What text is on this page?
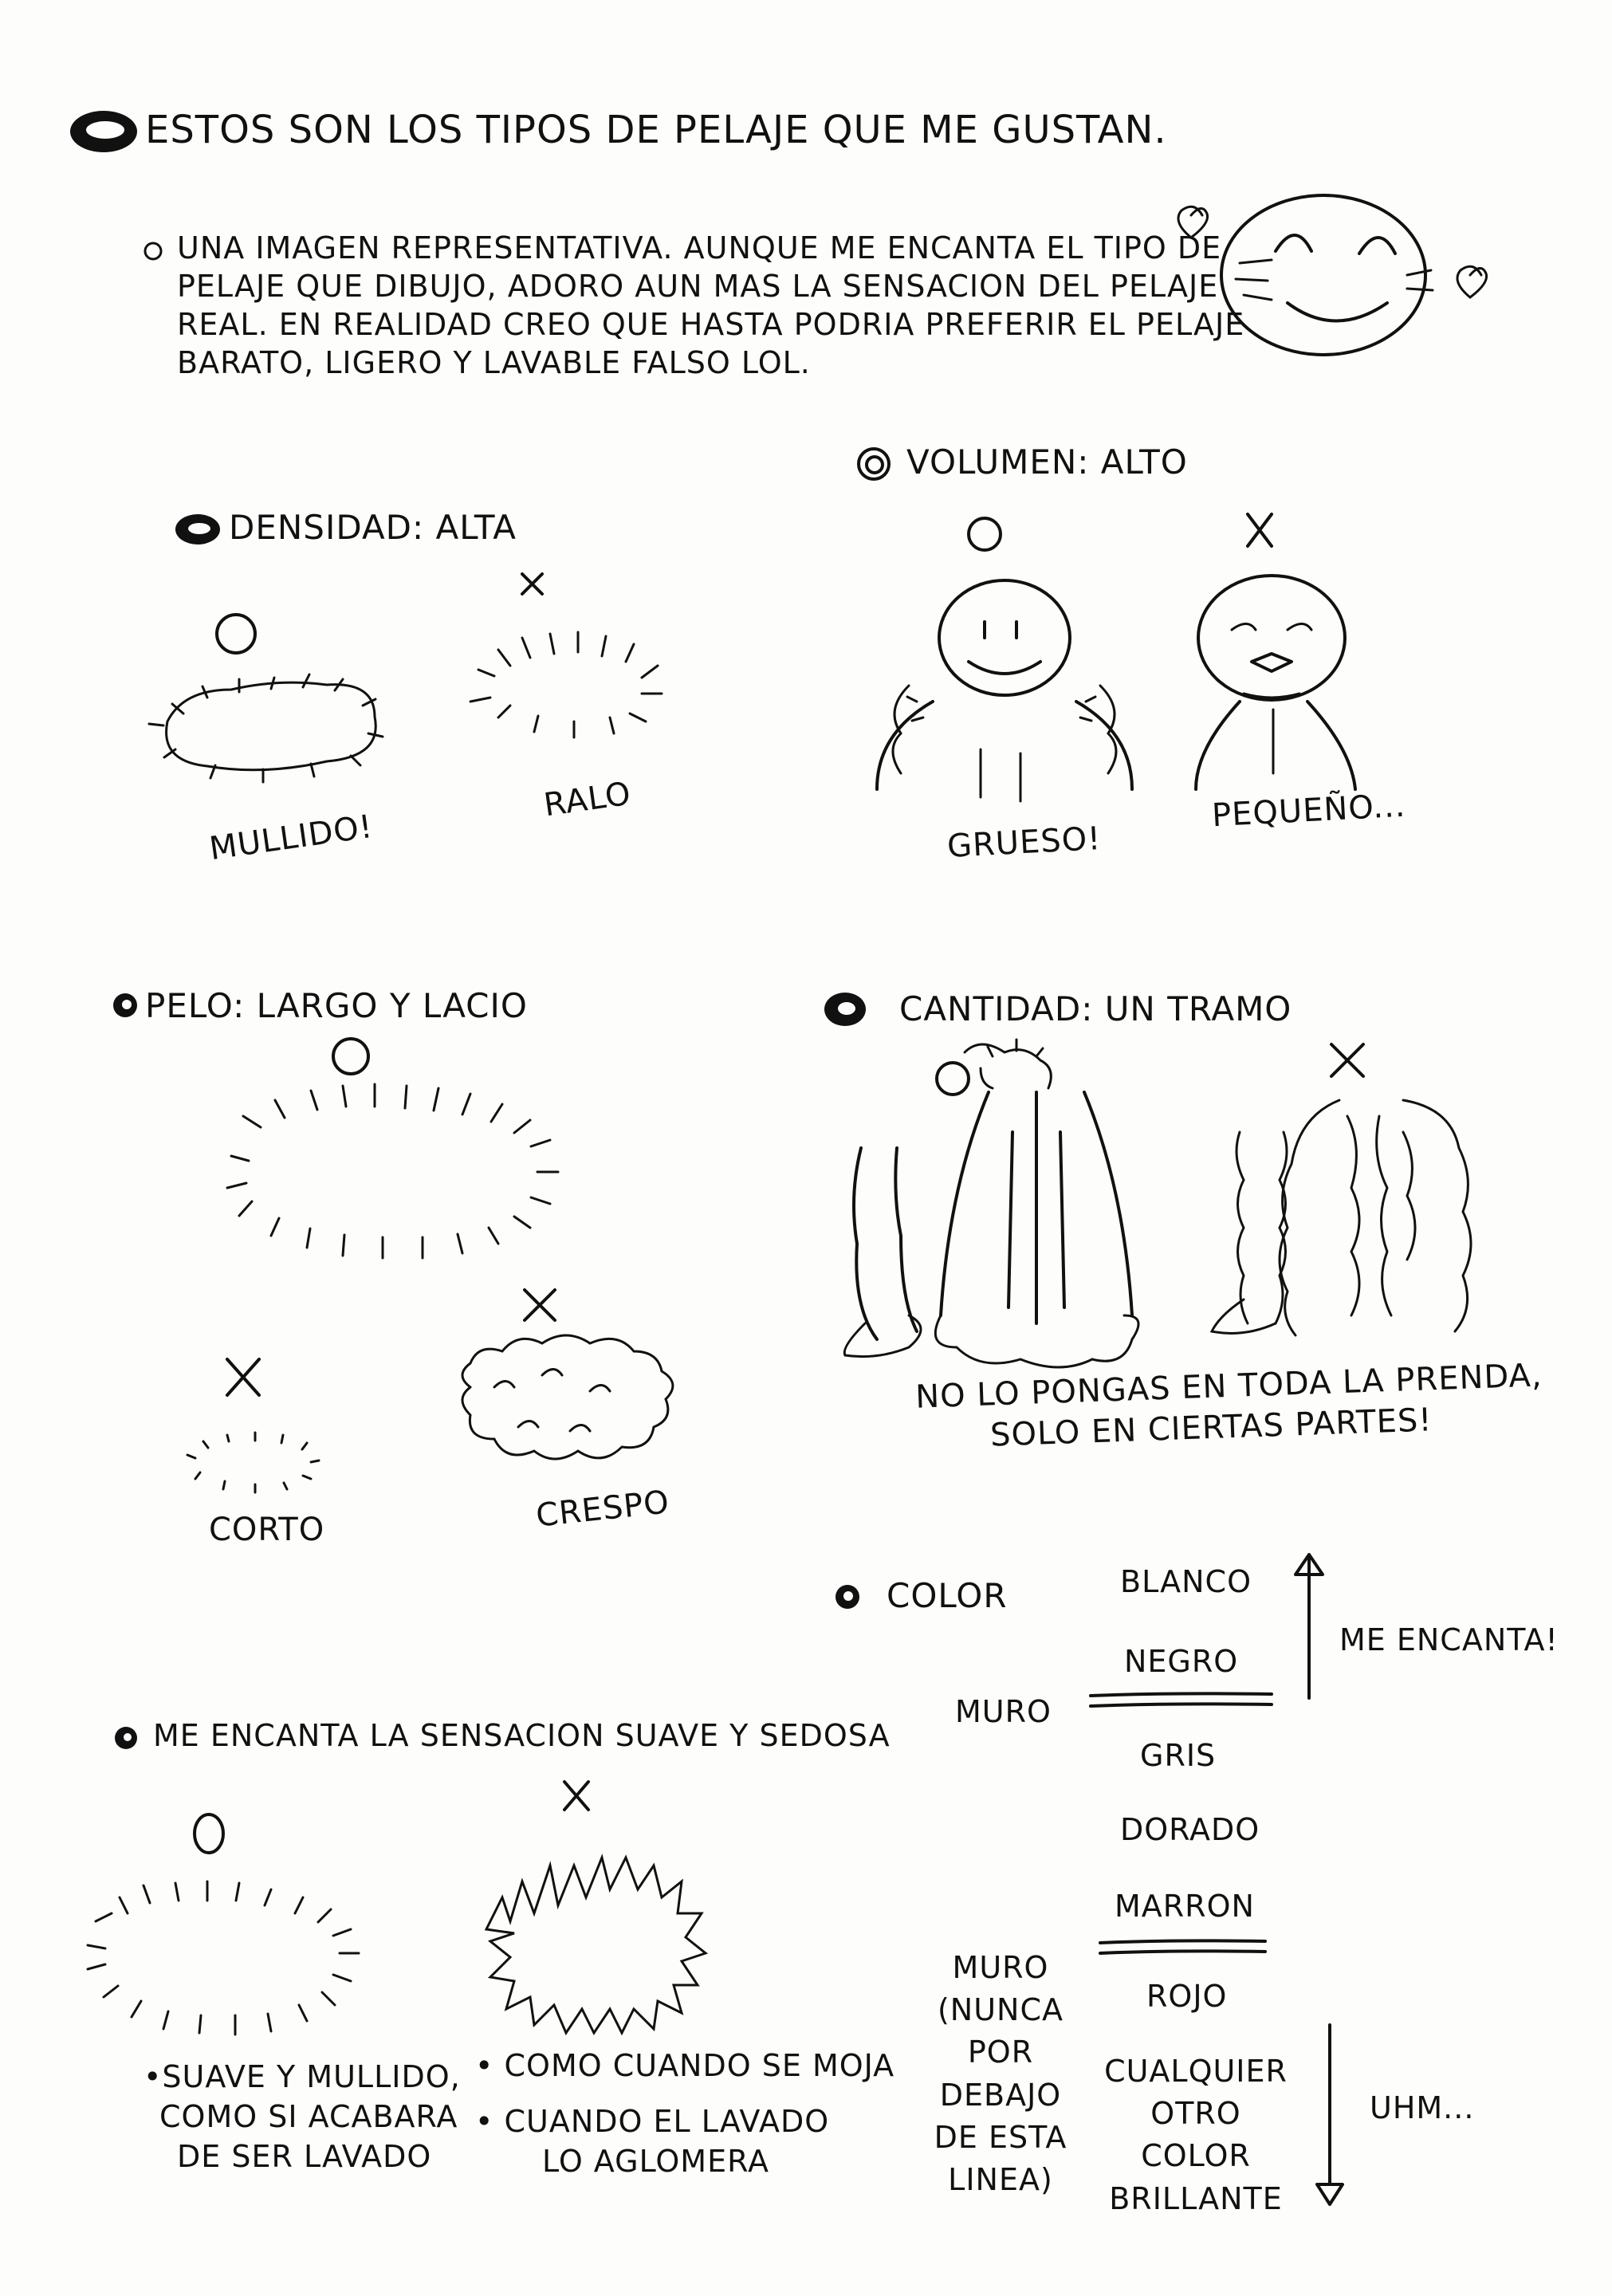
ESTOS SON LOS TIPOS DE PELAJE QUE ME GUSTAN.
UNA IMAGEN REPRESENTATIVA. AUNQUE ME ENCANTA EL TIPO DE
PELAJE QUE DIBUJO, ADORO AUN MAS LA SENSACION DEL PELAJE
REAL. EN REALIDAD CREO QUE HASTA PODRIA PREFERIR EL PELAJE
BARATO, LIGERO Y LAVABLE FALSO LOL.
DENSIDAD: ALTA
MULLIDO!
RALO
VOLUMEN: ALTO
GRUESO!
PEQUEÑO...
PELO: LARGO Y LACIO
CORTO	CRESPO
CANTIDAD: UN TRAMO
NO LO PONGAS EN TODA LA PRENDA,
SOLO EN CIERTAS PARTES!
ME ENCANTA LA SENSACION SUAVE Y SEDOSA
•SUAVE Y MULLIDO,
COMO SI ACABARA
DE SER LAVADO
• COMO CUANDO SE MOJA
• CUANDO EL LAVADO
LO AGLOMERA
COLOR	BLANCO
NEGRO
MURO
GRIS
DORADO
MARRON
ROJO
CUALQUIER
OTRO
COLOR
BRILLANTE
MURO
(NUNCA
POR
DEBAJO
DE ESTA
LINEA)
ME ENCANTA!
UHM...
○ ×
